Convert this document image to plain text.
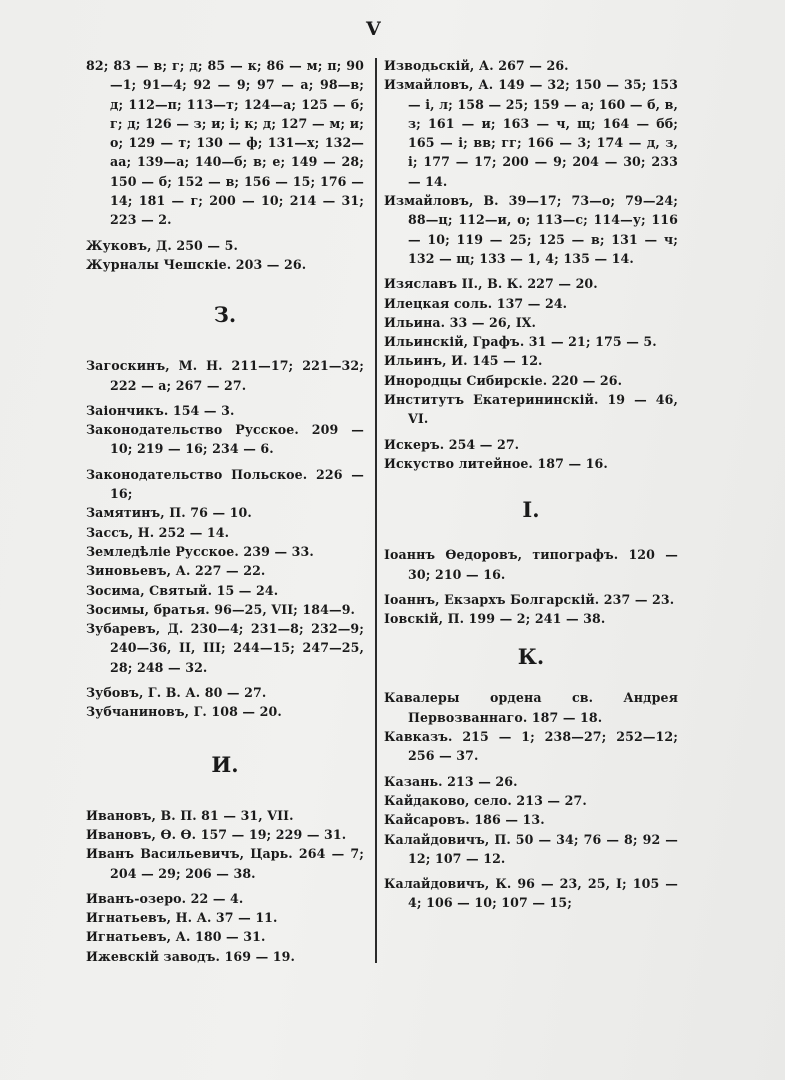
V
82; 83 — в; г; д; 85 — к; 86 — м; п; 90—1; 91—4; 92 — 9; 97 — а; 98—в; д; 112—п; 113—т; 124—а; 125 — б; г; д; 126 — з; и; i; к; д; 127 — м; и; о; 129 — т; 130 — ф; 131—х; 132—аа; 139—а; 140—б; в; е; 149 — 28; 150 — б; 152 — в; 156 — 15; 176 — 14; 181 — г; 200 — 10; 214 — 31; 223 — 2.
Жуковъ, Д. 250 — 5.
Журналы Чешскіе. 203 — 26.
З.
Загоскинъ, М. Н. 211—17; 221—32; 222 — а; 267 — 27.
Заіончикъ. 154 — 3.
Законодательство Русское. 209 — 10; 219 — 16; 234 — 6.
Законодательство Польское. 226 — 16;
Замятинъ, П. 76 — 10.
Зассъ, Н. 252 — 14.
Земледѣліе Русское. 239 — 33.
Зиновьевъ, А. 227 — 22.
Зосима, Святый. 15 — 24.
Зосимы, братья. 96—25, VII; 184—9.
Зубаревъ, Д. 230—4; 231—8; 232—9; 240—36, II, III; 244—15; 247—25, 28; 248 — 32.
Зубовъ, Г. В. А. 80 — 27.
Зубчаниновъ, Г. 108 — 20.
И.
Ивановъ, В. П. 81 — 31, VII.
Ивановъ, Ѳ. Ѳ. 157 — 19; 229 — 31.
Иванъ Васильевичъ, Царь. 264 — 7; 204 — 29; 206 — 38.
Иванъ-озеро. 22 — 4.
Игнатьевъ, Н. А. 37 — 11.
Игнатьевъ, А. 180 — 31.
Ижевскій заводъ. 169 — 19.
Изводьскій, А. 267 — 26.
Измайловъ, А. 149 — 32; 150 — 35; 153 — i, л; 158 — 25; 159 — а; 160 — б, в, з; 161 — и; 163 — ч, щ; 164 — бб; 165 — i; вв; гг; 166 — 3; 174 — д, з, i; 177 — 17; 200 — 9; 204 — 30; 233 — 14.
Измайловъ, В. 39—17; 73—о; 79—24; 88—ц; 112—и, о; 113—с; 114—у; 116 — 10; 119 — 25; 125 — в; 131 — ч; 132 — щ; 133 — 1, 4; 135 — 14.
Изяславъ II., В. К. 227 — 20.
Илецкая соль. 137 — 24.
Ильина. 33 — 26, IX.
Ильинскій, Графъ. 31 — 21; 175 — 5.
Ильинъ, И. 145 — 12.
Инородцы Сибирскіе. 220 — 26.
Институтъ Екатерининскій. 19 — 46, VI.
Искеръ. 254 — 27.
Искуство литейное. 187 — 16.
I.
Іоаннъ Ѳедоровъ, типографъ. 120 — 30; 210 — 16.
Іоаннъ, Екзархъ Болгарскій. 237 — 23.
Іовскій, П. 199 — 2; 241 — 38.
К.
Кавалеры ордена св. Андрея Первозваннаго. 187 — 18.
Кавказъ. 215 — 1; 238—27; 252—12; 256 — 37.
Казань. 213 — 26.
Кайдаково, село. 213 — 27.
Кайсаровъ. 186 — 13.
Калайдовичъ, П. 50 — 34; 76 — 8; 92 — 12; 107 — 12.
Калайдовичъ, К. 96 — 23, 25, I; 105 — 4; 106 — 10; 107 — 15;
